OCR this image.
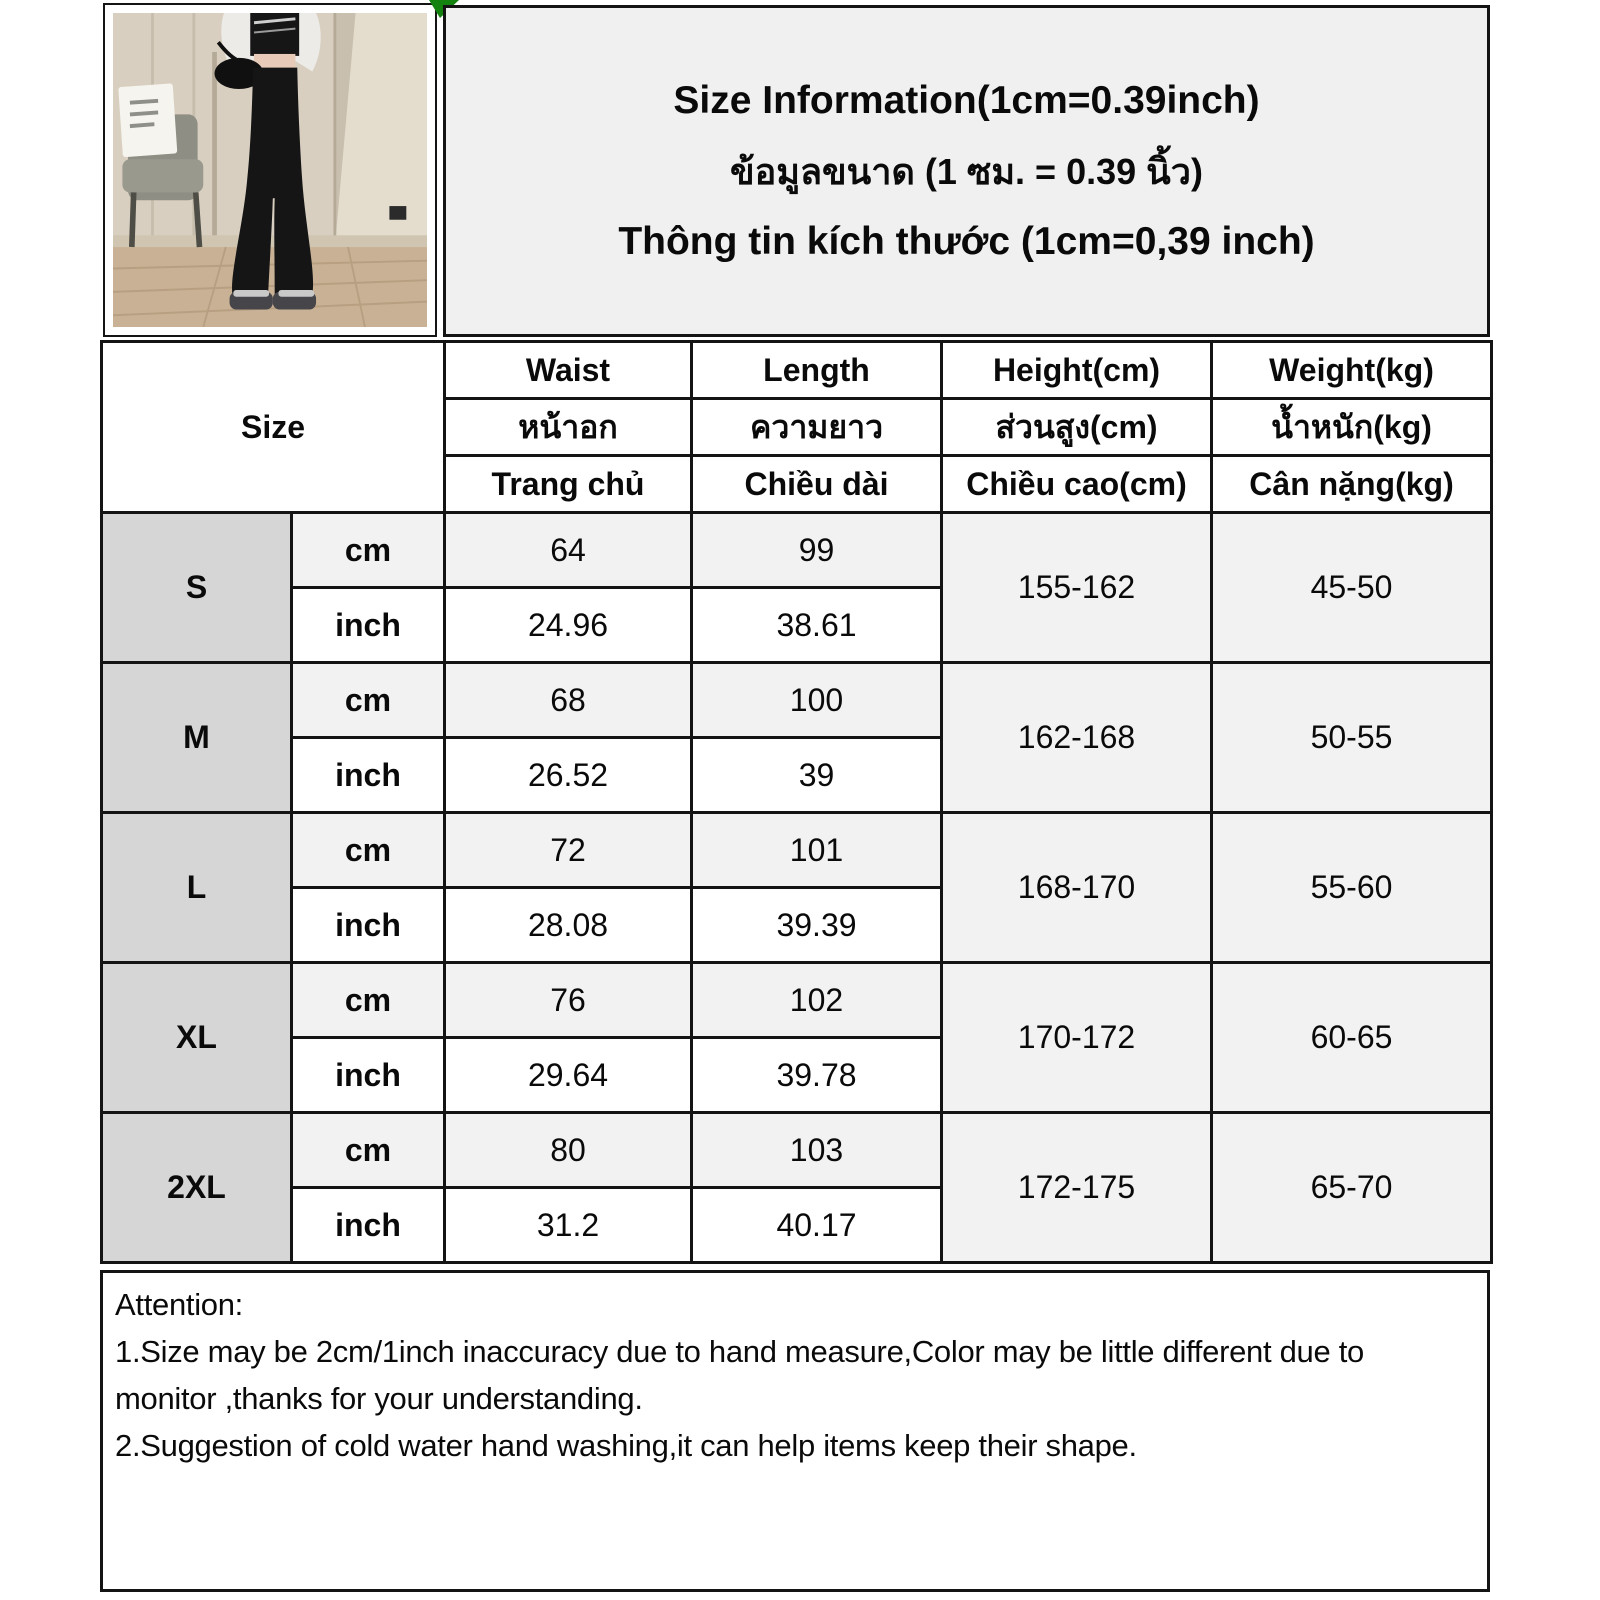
Size Information(1cm=0.39inch)
ข้อมูลขนาด (1 ซม. = 0.39 นิ้ว)
Thông tin kích thước (1cm=0,39 inch)
Size		Waist	Length	Height(cm)	Weight(kg)
		หน้าอก	ความยาว	ส่วนสูง(cm)	น้ำหนัก(kg)
		Trang chủ	Chiều dài	Chiều cao(cm)	Cân nặng(kg)
S	cm	64	99	155-162	45-50
	inch	24.96	38.61		
M	cm	68	100	162-168	50-55
	inch	26.52	39		
L	cm	72	101	168-170	55-60
	inch	28.08	39.39		
XL	cm	76	102	170-172	60-65
	inch	29.64	39.78		
2XL	cm	80	103	172-175	65-70
	inch	31.2	40.17		

Attention:

1.Size may be 2cm/1inch inaccuracy due to hand measure,Color may be little different due to monitor ,thanks for your understanding.

2.Suggestion of cold water hand washing,it can help items keep their shape.
